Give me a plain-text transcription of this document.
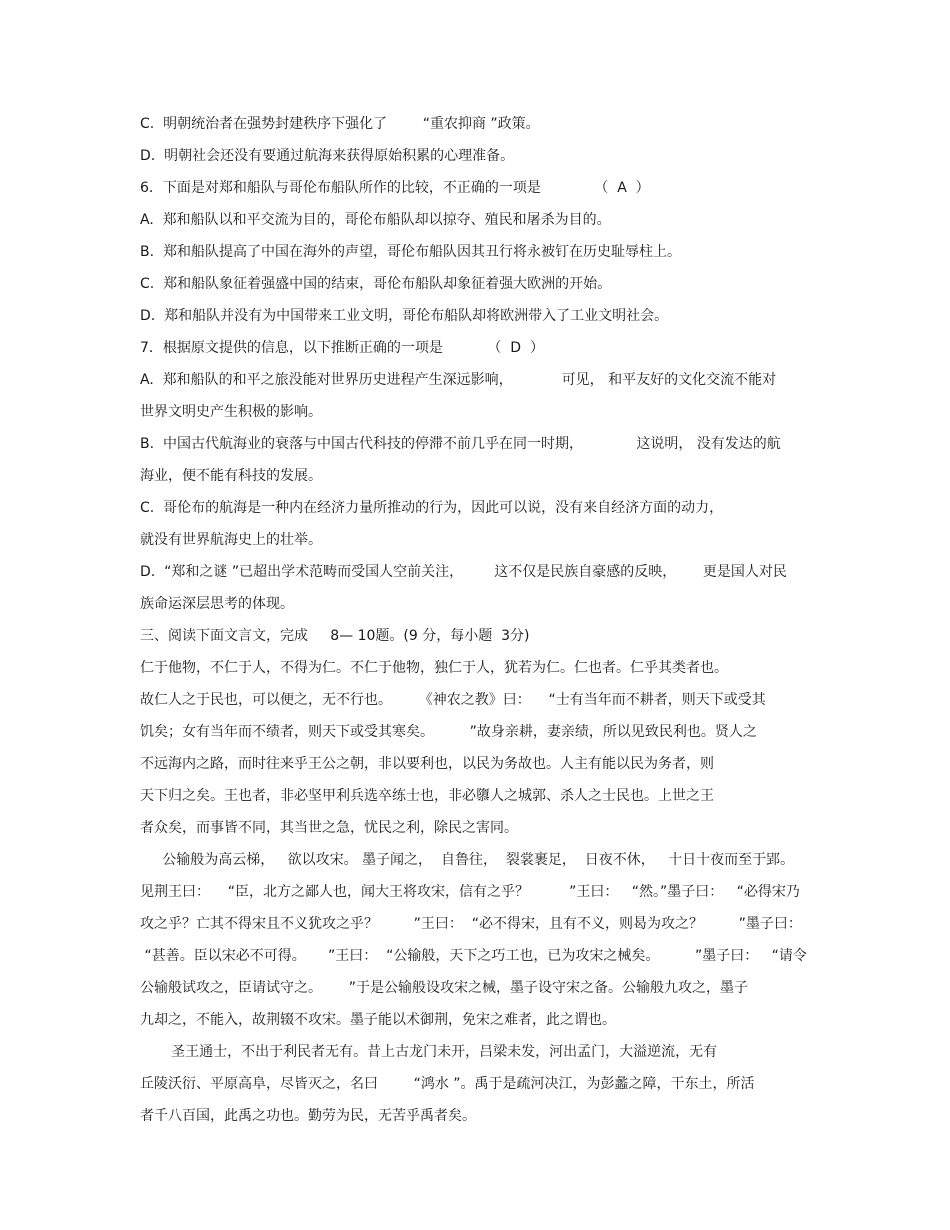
C.  明朝统治者在强势封建秩序下强化了        “重农抑商 ”政策。
D.  明朝社会还没有要通过航海来获得原始积累的心理准备。
6．下面是对郑和船队与哥伦布船队所作的比较，不正确的一项是            （  A  ）
A.  郑和船队以和平交流为目的，哥伦布船队却以掠夺、殖民和屠杀为目的。
B.  郑和船队提高了中国在海外的声望，哥伦布船队因其丑行将永被钉在历史耻辱柱上。
C.  郑和船队象征着强盛中国的结束，哥伦布船队却象征着强大欧洲的开始。
D.  郑和船队并没有为中国带来工业文明，哥伦布船队却将欧洲带入了工业文明社会。
7．根据原文提供的信息，以下推断正确的一项是          （  D  ）
A.  郑和船队的和平之旅没能对世界历史进程产生深远影响，           可见， 和平友好的文化交流不能对
世界文明史产生积极的影响。
B.  中国古代航海业的衰落与中国古代科技的停滞不前几乎在同一时期，            这说明， 没有发达的航
海业，便不能有科技的发展。
C.  哥伦布的航海是一种内在经济力量所推动的行为，因此可以说，没有来自经济方面的动力，
就没有世界航海史上的壮举。
D.  “郑和之谜 ”已超出学术范畴而受国人空前关注，       这不仅是民族自豪感的反映，      更是国人对民
族命运深层思考的体现。
三、阅读下面文言文，完成     8— 10题。(9 分，每小题  3分)
仁于他物，不仁于人，不得为仁。不仁于他物，独仁于人，犹若为仁。仁也者。仁乎其类者也。
故仁人之于民也，可以便之，无不行也。      《神农之教》曰：    “士有当年而不耕者，则天下或受其
饥矣；女有当年而不绩者，则天下或受其寒矣。        ”故身亲耕，妻亲绩，所以见致民利也。贤人之
不远海内之路，而时往来乎王公之朝，非以要利也，以民为务故也。人主有能以民为务者，则
天下归之矣。王也者，非必坚甲利兵选卒练士也，非必隳人之城郭、杀人之士民也。上世之王
者众矣，而事皆不同，其当世之急，忧民之利，除民之害同。
公输般为高云梯，   欲以攻宋。 墨子闻之，  自鲁往，  裂裳裹足，  日夜不休，   十日十夜而至于郢。
见荆王曰：    “臣，北方之鄙人也，闻大王将攻宋，信有之乎？         ”王曰：   “然。”墨子曰：   “必得宋乃
攻之乎？亡其不得宋且不义犹攻之乎？        ”王曰：  “必不得宋，且有不义，则曷为攻之？        ”墨子曰：
“甚善。臣以宋必不可得。     ”王曰：  “公输般，天下之巧工也，已为攻宋之械矣。        ”墨子曰：   “请令
公输般试攻之，臣请试守之。      ”于是公输般设攻宋之械，墨子设守宋之备。公输般九攻之，墨子
九却之，不能入，故荆辍不攻宋。墨子能以术御荆，免宋之难者，此之谓也。
圣王通士，不出于利民者无有。昔上古龙门未开，吕梁未发，河出孟门，大溢逆流，无有
丘陵沃衍、平原高阜，尽皆灭之，名曰        “鸿水 ”。禹于是疏河决江，为彭蠡之障，干东土，所活
者千八百国，此禹之功也。勤劳为民，无苦乎禹者矣。
